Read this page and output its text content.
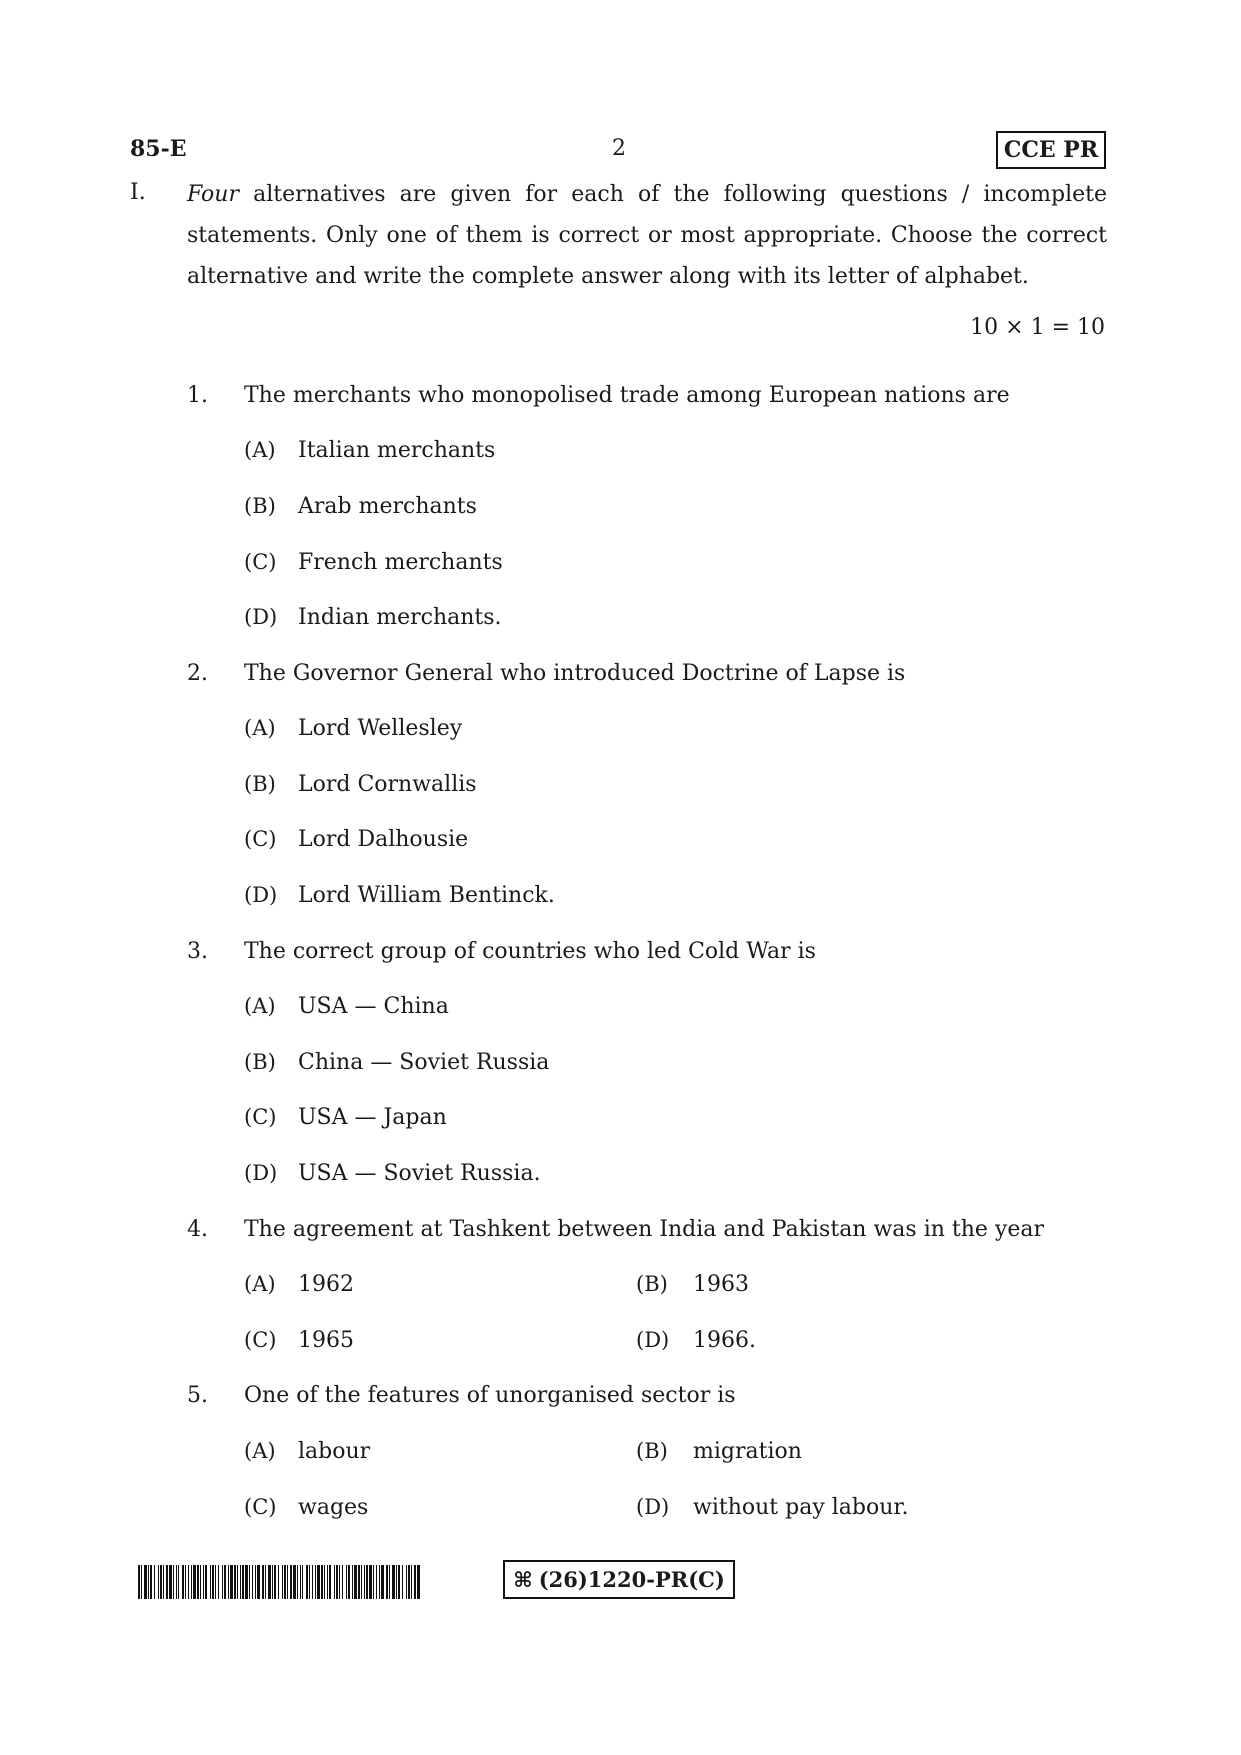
85-E	2	CCE PR
I. Four alternatives are given for each of the following questions / incomplete
statements. Only one of them is correct or most appropriate. Choose the correct alternative and write the complete answer along with its letter of alphabet.
10 × 1 = 10
1. The merchants who monopolised trade among European nations are
(A) Italian merchants
(B) Arab merchants
(C) French merchants
(D) Indian merchants.
2. The Governor General who introduced Doctrine of Lapse is
(A) Lord Wellesley
(B) Lord Cornwallis
(C) Lord Dalhousie
(D) Lord William Bentinck.
3. The correct group of countries who led Cold War is
(A) USA — China
(B) China — Soviet Russia
(C) USA — Japan
(D) USA — Soviet Russia.
4. The agreement at Tashkent between India and Pakistan was in the year
(A) 1962	(B) 1963
(C) 1965	(D) 1966.
5. One of the features of unorganised sector is
(A) labour	(B) migration
(C) wages	(D) without pay labour.
⌘ (26)1220-PR(C)
